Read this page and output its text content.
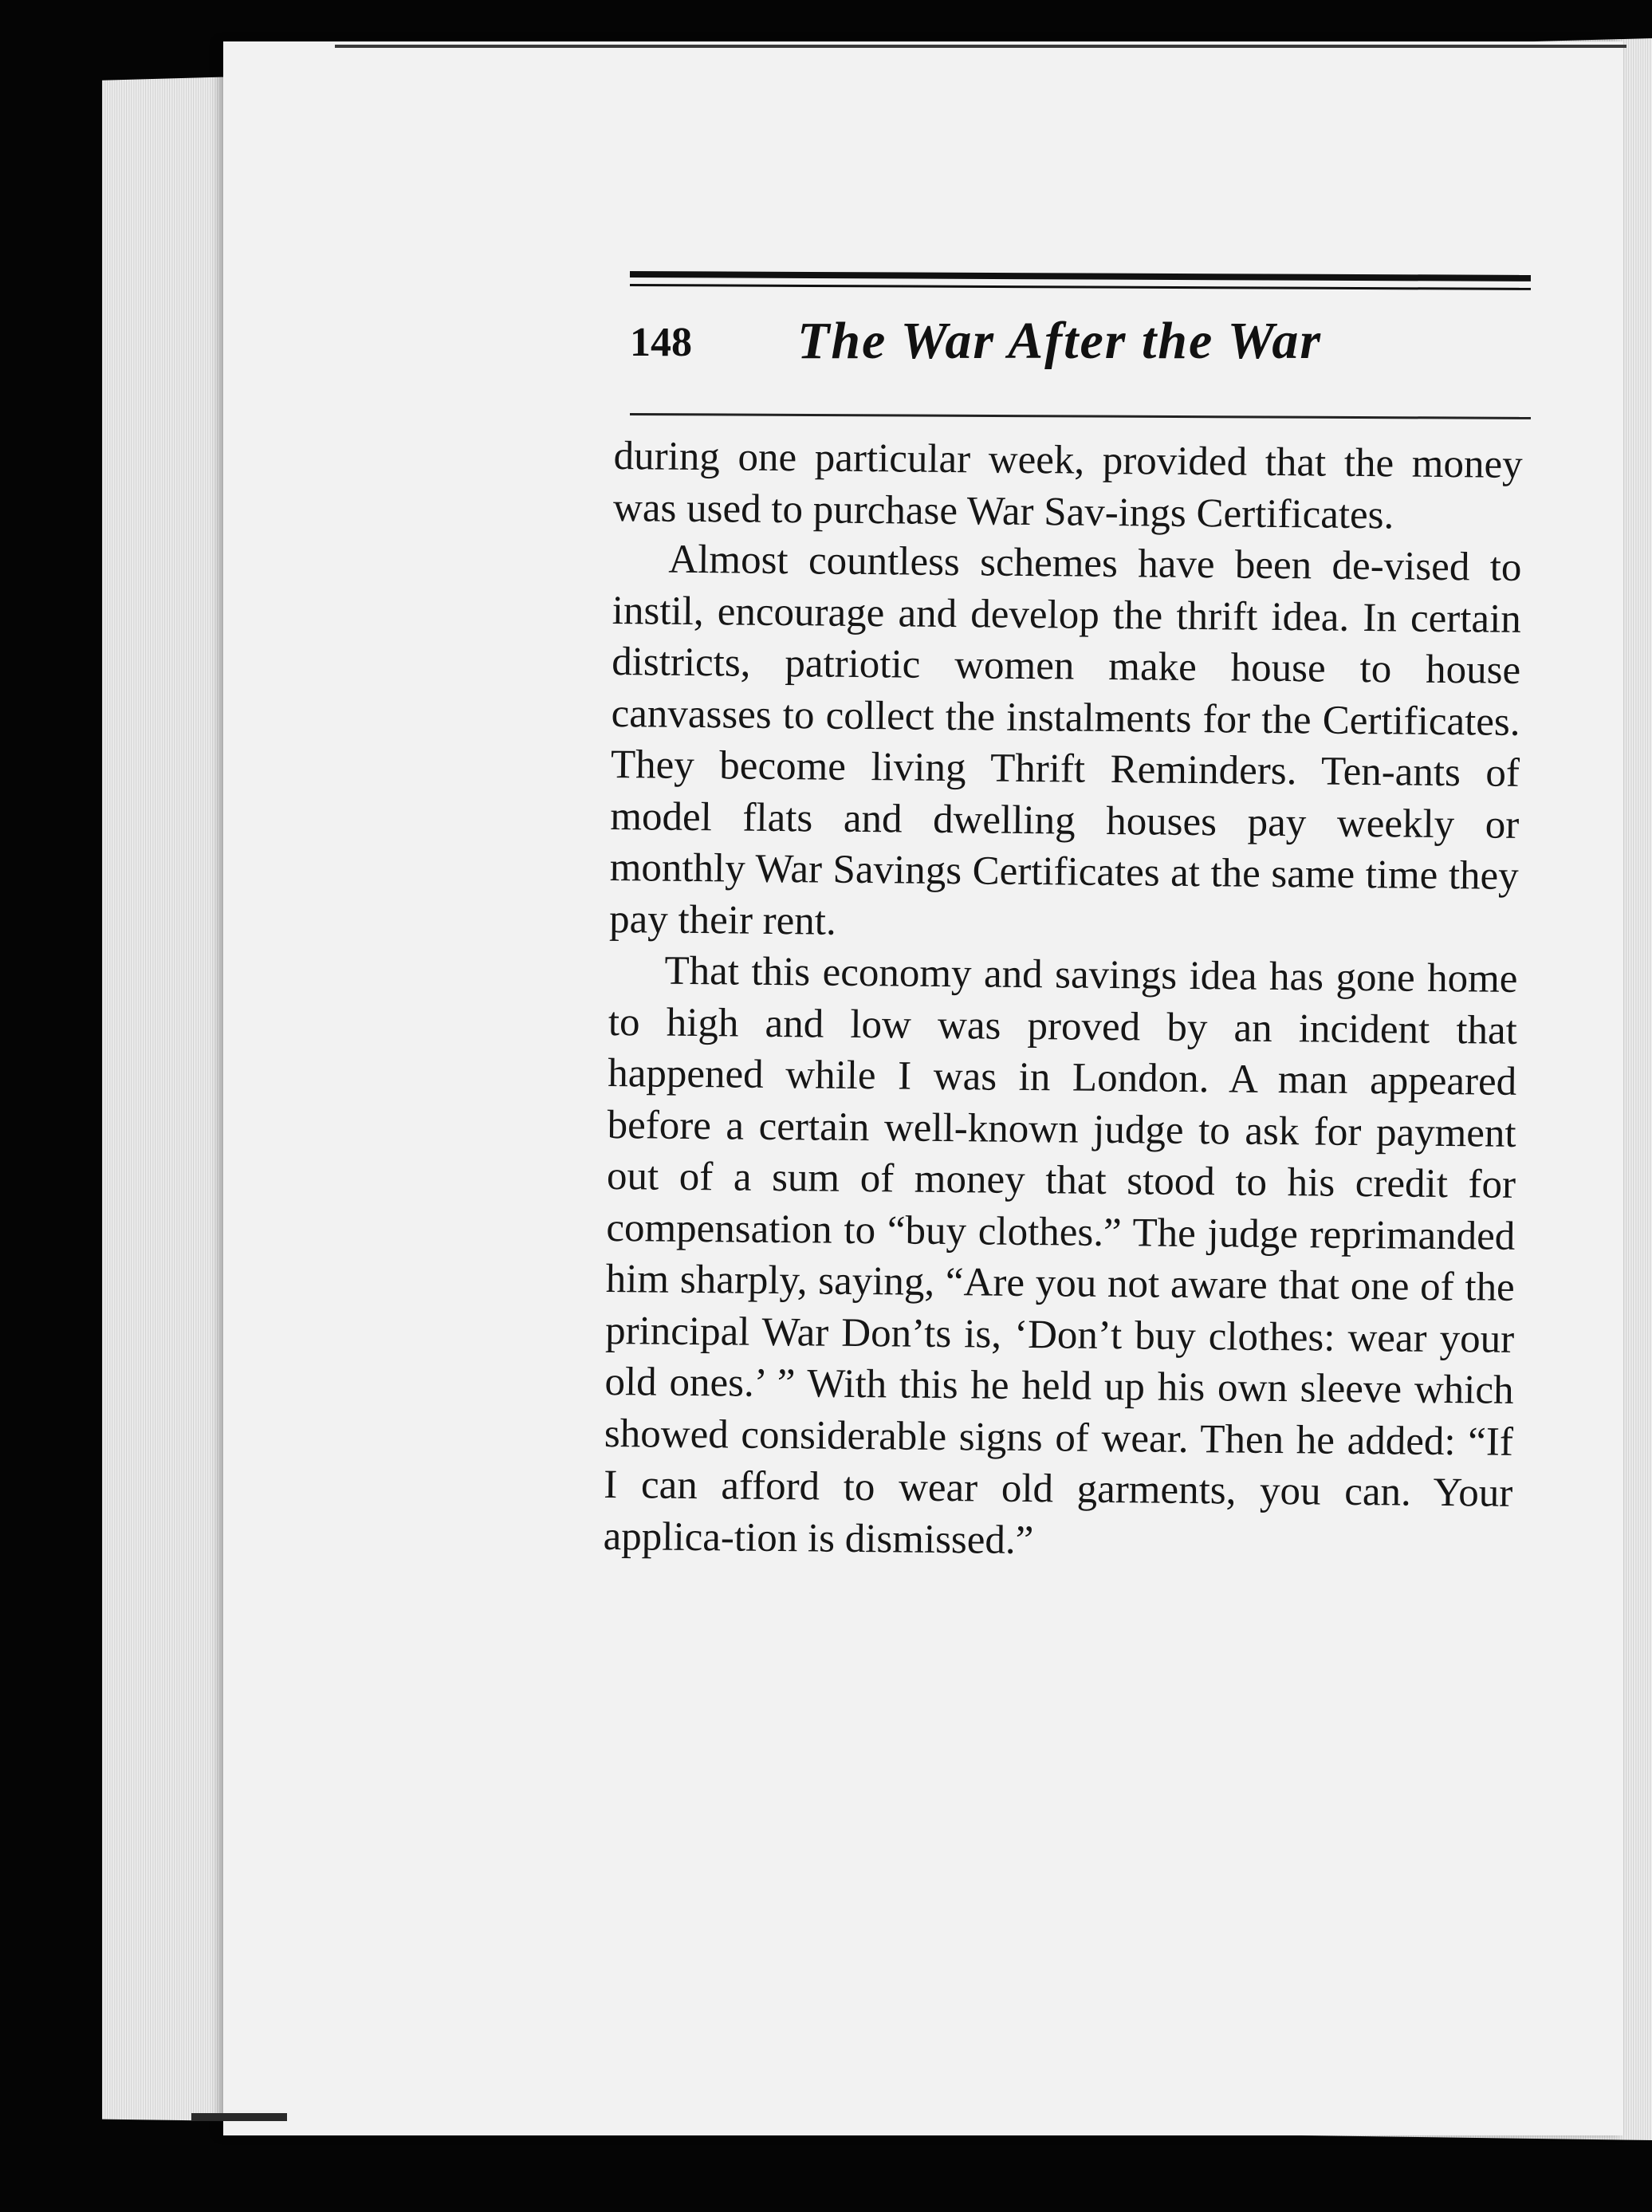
148 The War After the War

during one particular week, provided that the money was used to purchase War Sav-ings Certificates.

Almost countless schemes have been de-vised to instil, encourage and develop the thrift idea. In certain districts, patriotic women make house to house canvasses to collect the instalments for the Certificates. They become living Thrift Reminders. Ten-ants of model flats and dwelling houses pay weekly or monthly War Savings Certificates at the same time they pay their rent.

That this economy and savings idea has gone home to high and low was proved by an incident that happened while I was in London. A man appeared before a certain well-known judge to ask for payment out of a sum of money that stood to his credit for compensation to “buy clothes.” The judge reprimanded him sharply, saying, “Are you not aware that one of the principal War Don’ts is, ‘Don’t buy clothes: wear your old ones.’ ” With this he held up his own sleeve which showed considerable signs of wear. Then he added: “If I can afford to wear old garments, you can. Your applica-tion is dismissed.”
